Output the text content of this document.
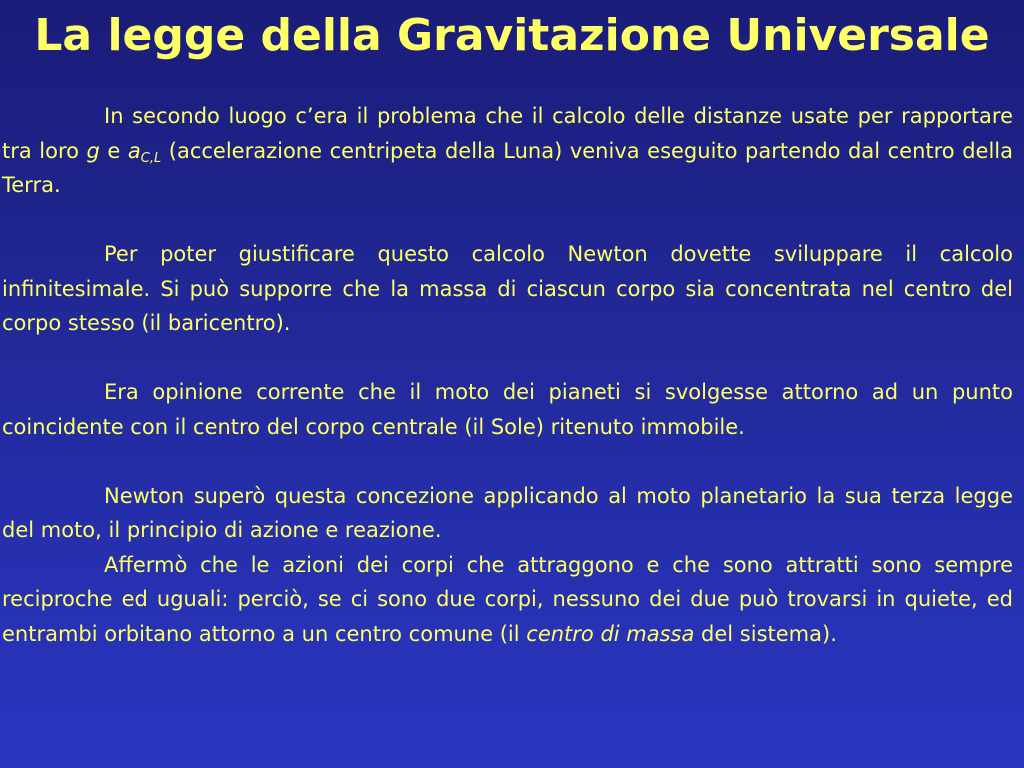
La legge della Gravitazione Universale

In secondo luogo c’era il problema che il calcolo delle distanze usate per rapportare tra loro g e $a_{C,L}$ (accelerazione centripeta della Luna) veniva eseguito partendo dal centro della Terra.

Per poter giustificare questo calcolo Newton dovette sviluppare il calcolo infinitesimale. Si può supporre che la massa di ciascun corpo sia concentrata nel centro del corpo stesso (il baricentro).

Era opinione corrente che il moto dei pianeti si svolgesse attorno ad un punto coincidente con il centro del corpo centrale (il Sole) ritenuto immobile.

Newton superò questa concezione applicando al moto planetario la sua terza legge del moto, il principio di azione e reazione.

Affermò che le azioni dei corpi che attraggono e che sono attratti sono sempre reciproche ed uguali: perciò, se ci sono due corpi, nessuno dei due può trovarsi in quiete, ed entrambi orbitano attorno a un centro comune (il centro di massa del sistema).
